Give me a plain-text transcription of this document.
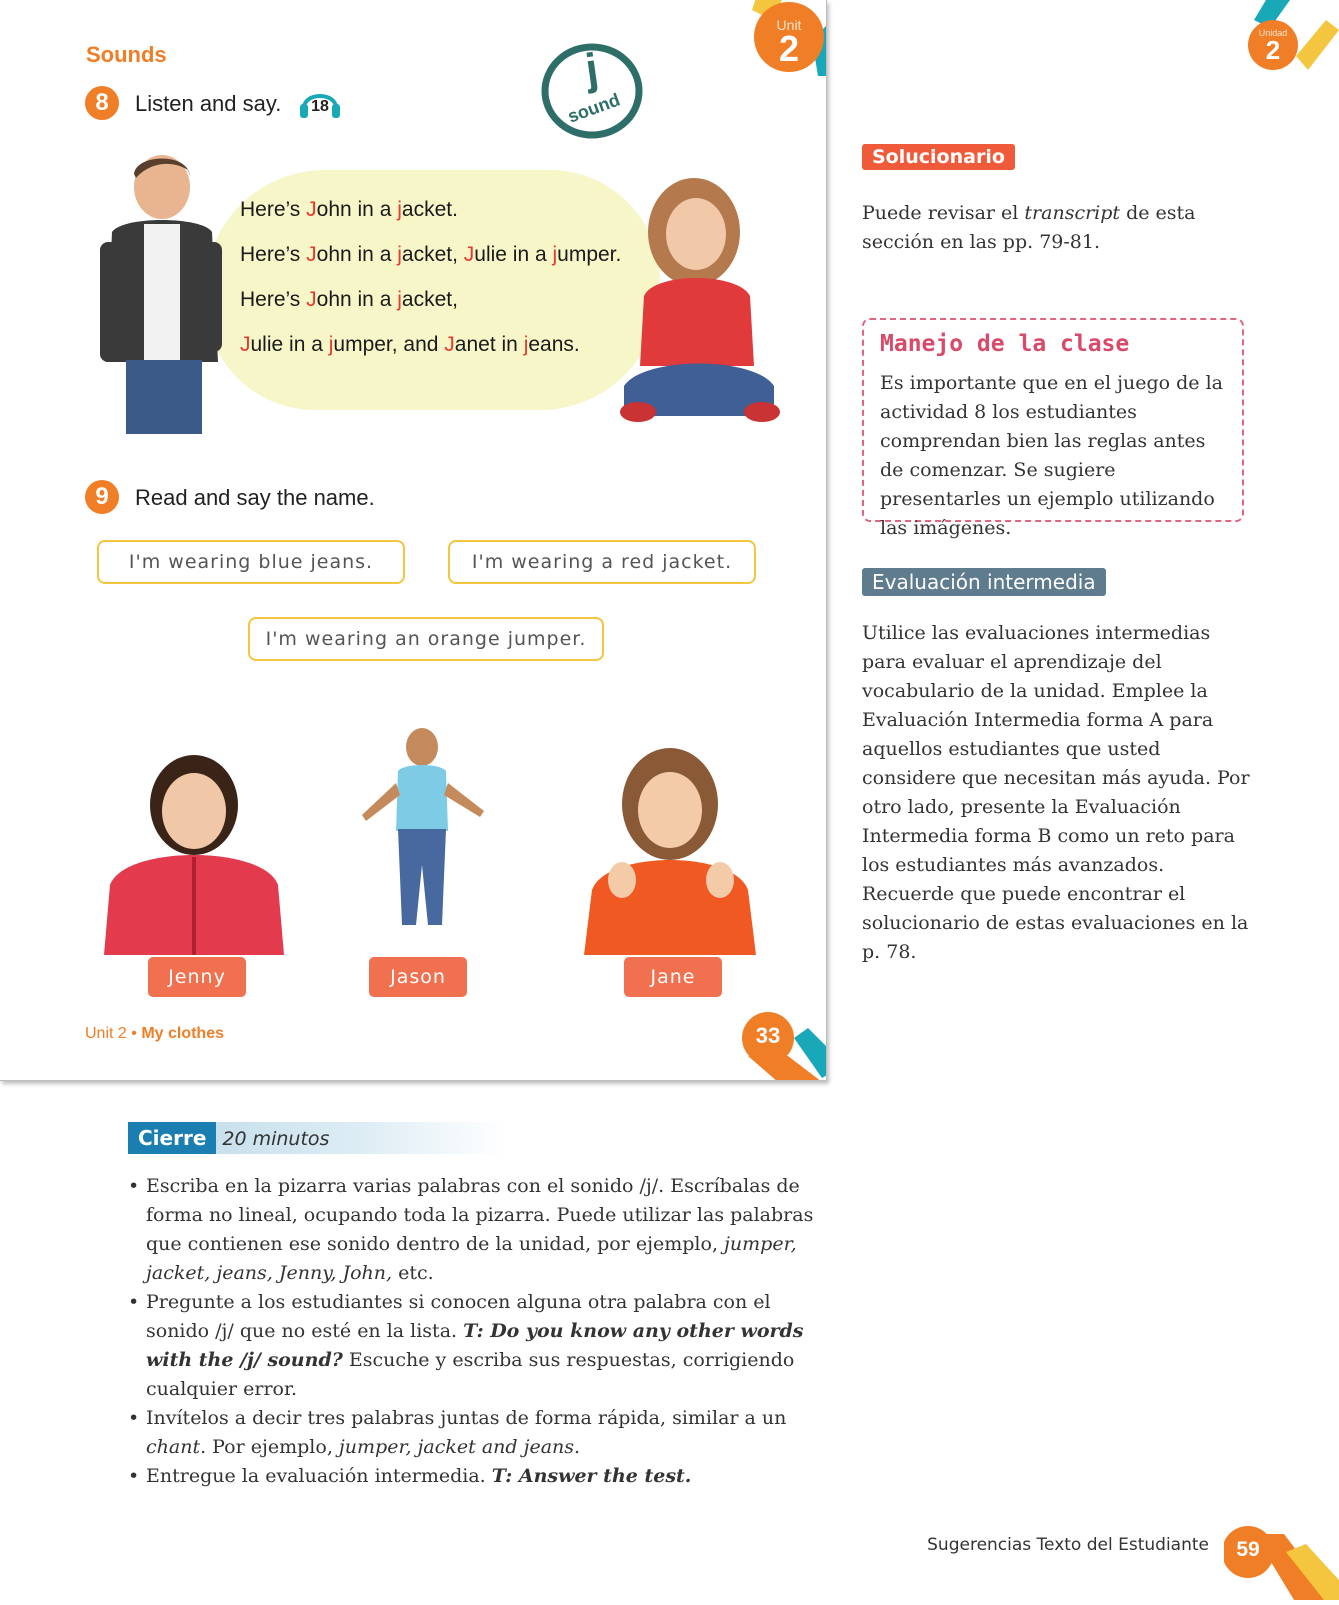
Sounds
Unit
2
8	Listen and say. 18
j
sound
Here’s John in a jacket.
Here’s John in a jacket, Julie in a jumper.
Here’s John in a jacket,
Julie in a jumper, and Janet in jeans.
9	Read and say the name.
I'm wearing blue jeans.	I'm wearing a red jacket.
I'm wearing an orange jumper.
Jenny	Jason	Jane
Unit 2 • My clothes	33
Unidad
2
Solucionario
Puede revisar el transcript de esta sección en las pp. 79-81.
Manejo de la clase
Es importante que en el juego de la actividad 8 los estudiantes comprendan bien las reglas antes de comenzar. Se sugiere presentarles un ejemplo utilizando las imágenes.
Evaluación intermedia
Utilice las evaluaciones intermedias para evaluar el aprendizaje del vocabulario de la unidad. Emplee la Evaluación Intermedia forma A para aquellos estudiantes que usted considere que necesitan más ayuda. Por otro lado, presente la Evaluación Intermedia forma B como un reto para los estudiantes más avanzados. Recuerde que puede encontrar el solucionario de estas evaluaciones en la p. 78.
Cierre 20 minutos
• Escriba en la pizarra varias palabras con el sonido /j/. Escríbalas de forma no lineal, ocupando toda la pizarra. Puede utilizar las palabras que contienen ese sonido dentro de la unidad, por ejemplo, jumper, jacket, jeans, Jenny, John, etc.
• Pregunte a los estudiantes si conocen alguna otra palabra con el sonido /j/ que no esté en la lista. T: Do you know any other words with the /j/ sound? Escuche y escriba sus respuestas, corrigiendo cualquier error.
• Invítelos a decir tres palabras juntas de forma rápida, similar a un chant. Por ejemplo, jumper, jacket and jeans.
• Entregue la evaluación intermedia. T: Answer the test.
Sugerencias Texto del Estudiante	59
